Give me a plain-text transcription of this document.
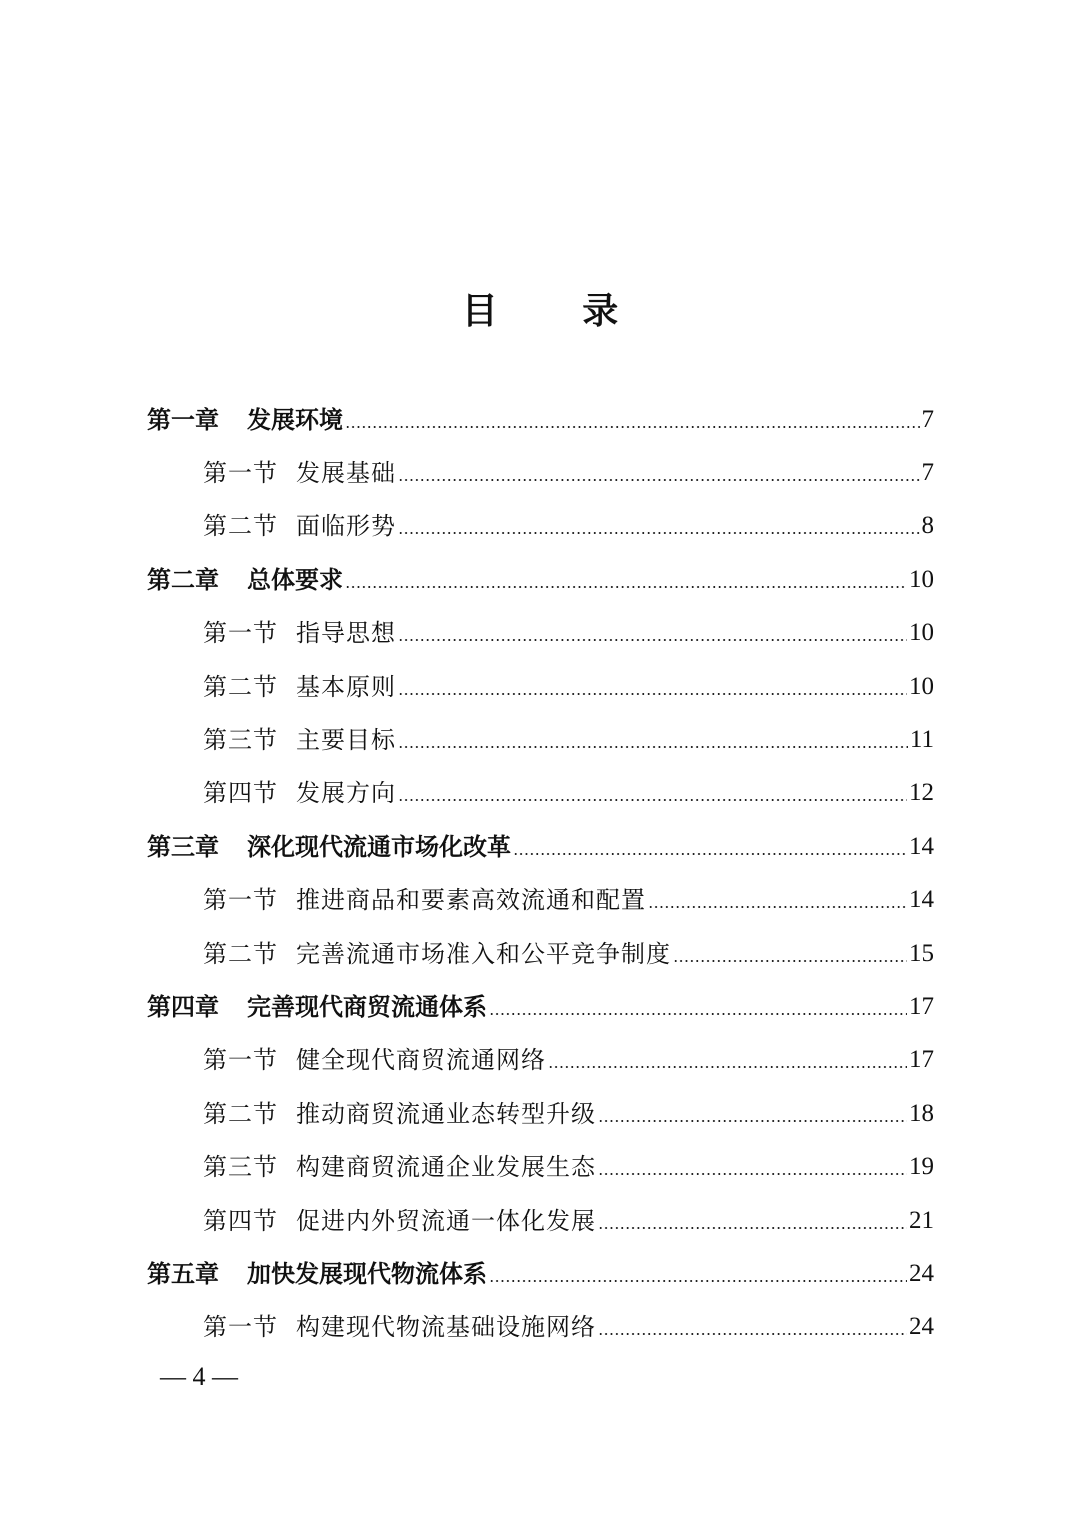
目 录
第一章 发展环境	7
第一节 发展基础	7
第二节 面临形势	8
第二章 总体要求	10
第一节 指导思想	10
第二节 基本原则	10
第三节 主要目标	11
第四节 发展方向	12
第三章 深化现代流通市场化改革	14
第一节 推进商品和要素高效流通和配置	14
第二节 完善流通市场准入和公平竞争制度	15
第四章 完善现代商贸流通体系	17
第一节 健全现代商贸流通网络	17
第二节 推动商贸流通业态转型升级	18
第三节 构建商贸流通企业发展生态	19
第四节 促进内外贸流通一体化发展	21
第五章 加快发展现代物流体系	24
第一节 构建现代物流基础设施网络	24
— 4 —
